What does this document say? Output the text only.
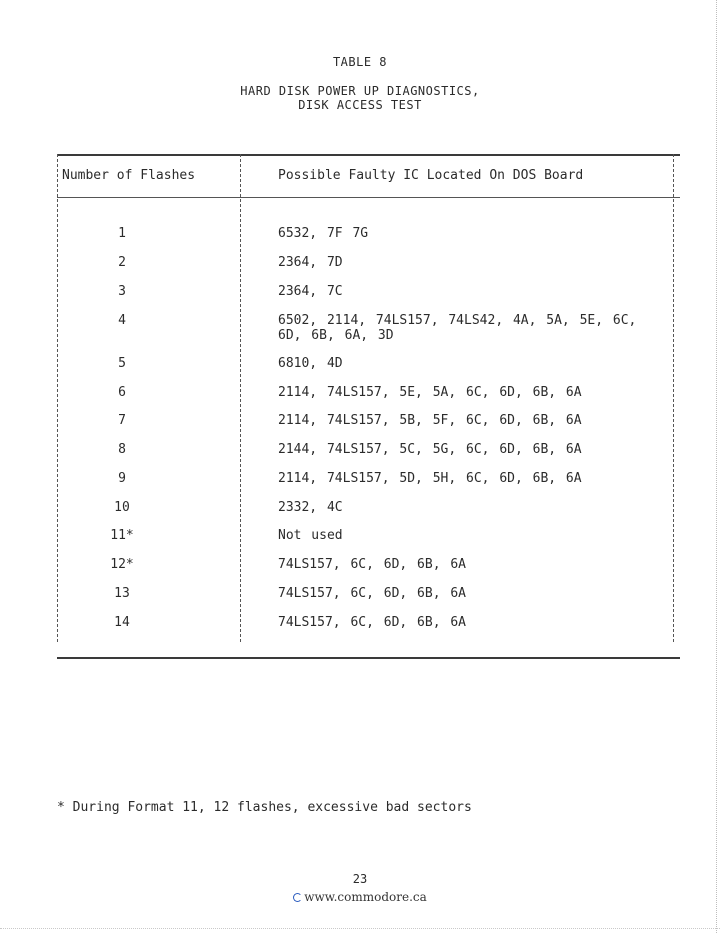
TABLE 8
HARD DISK POWER UP DIAGNOSTICS,
DISK ACCESS TEST
Number of Flashes	Possible Faulty IC Located On DOS Board
1	6532, 7F 7G
2	2364, 7D
3	2364, 7C
4	6502, 2114, 74LS157, 74LS42, 4A, 5A, 5E, 6C, 6D, 6B, 6A, 3D
5	6810, 4D
6	2114, 74LS157, 5E, 5A, 6C, 6D, 6B, 6A
7	2114, 74LS157, 5B, 5F, 6C, 6D, 6B, 6A
8	2144, 74LS157, 5C, 5G, 6C, 6D, 6B, 6A
9	2114, 74LS157, 5D, 5H, 6C, 6D, 6B, 6A
10	2332, 4C
11*	Not used
12*	74LS157, 6C, 6D, 6B, 6A
13	74LS157, 6C, 6D, 6B, 6A
14	74LS157, 6C, 6D, 6B, 6A
* During Format 11, 12 flashes, excessive bad sectors
23
www.commodore.ca
